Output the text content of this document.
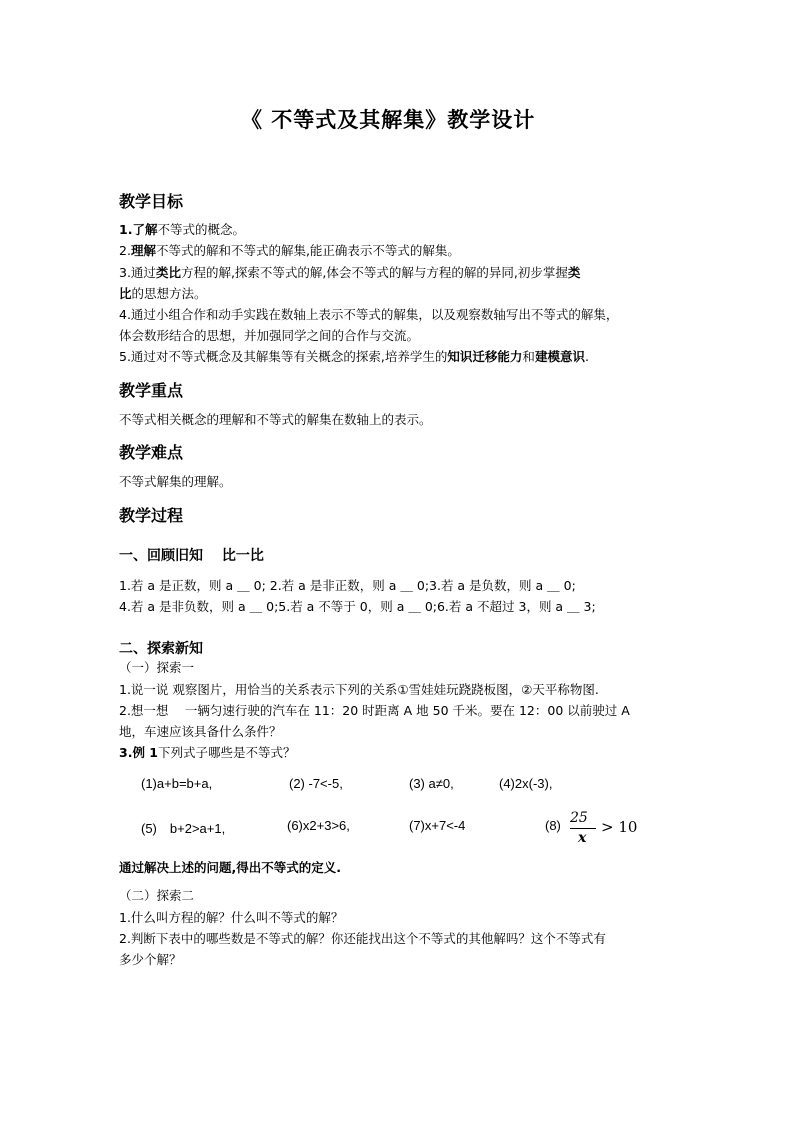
《 不等式及其解集》教学设计
教学目标
1.了解不等式的概念。
2.理解不等式的解和不等式的解集,能正确表示不等式的解集。
3.通过类比方程的解,探索不等式的解,体会不等式的解与方程的解的异同,初步掌握类
比的思想方法。
4.通过小组合作和动手实践在数轴上表示不等式的解集，以及观察数轴写出不等式的解集，
体会数形结合的思想，并加强同学之间的合作与交流。
5.通过对不等式概念及其解集等有关概念的探索,培养学生的知识迁移能力和建模意识.
教学重点
不等式相关概念的理解和不等式的解集在数轴上的表示。
教学难点
不等式解集的理解。
教学过程
一、回顾旧知　 比一比
1.若 a 是正数，则 a ＿ 0; 2.若 a 是非正数，则 a ＿ 0;3.若 a 是负数，则 a ＿ 0;
4.若 a 是非负数，则 a ＿ 0;5.若 a 不等于 0，则 a ＿ 0;6.若 a 不超过 3，则 a ＿ 3;
二、探索新知
（一）探索一
1.说一说 观察图片，用恰当的关系表示下列的关系①雪娃娃玩跷跷板图，②天平称物图.
2.想一想　 一辆匀速行驶的汽车在 11：20 时距离 A 地 50 千米。要在 12：00 以前驶过 A
地，车速应该具备什么条件？
3.例 1下列式子哪些是不等式？
(1)a+b=b+a,	(2) -7<-5,	(3) a≠0,	(4)2x(-3),
(5)　b+2>a+1,	(6)x2+3>6,	(7)x+7<-4	(8) 25
x
> 10
通过解决上述的问题,得出不等式的定义.
（二）探索二
1.什么叫方程的解？什么叫不等式的解？
2.判断下表中的哪些数是不等式的解？你还能找出这个不等式的其他解吗？这个不等式有
多少个解？
